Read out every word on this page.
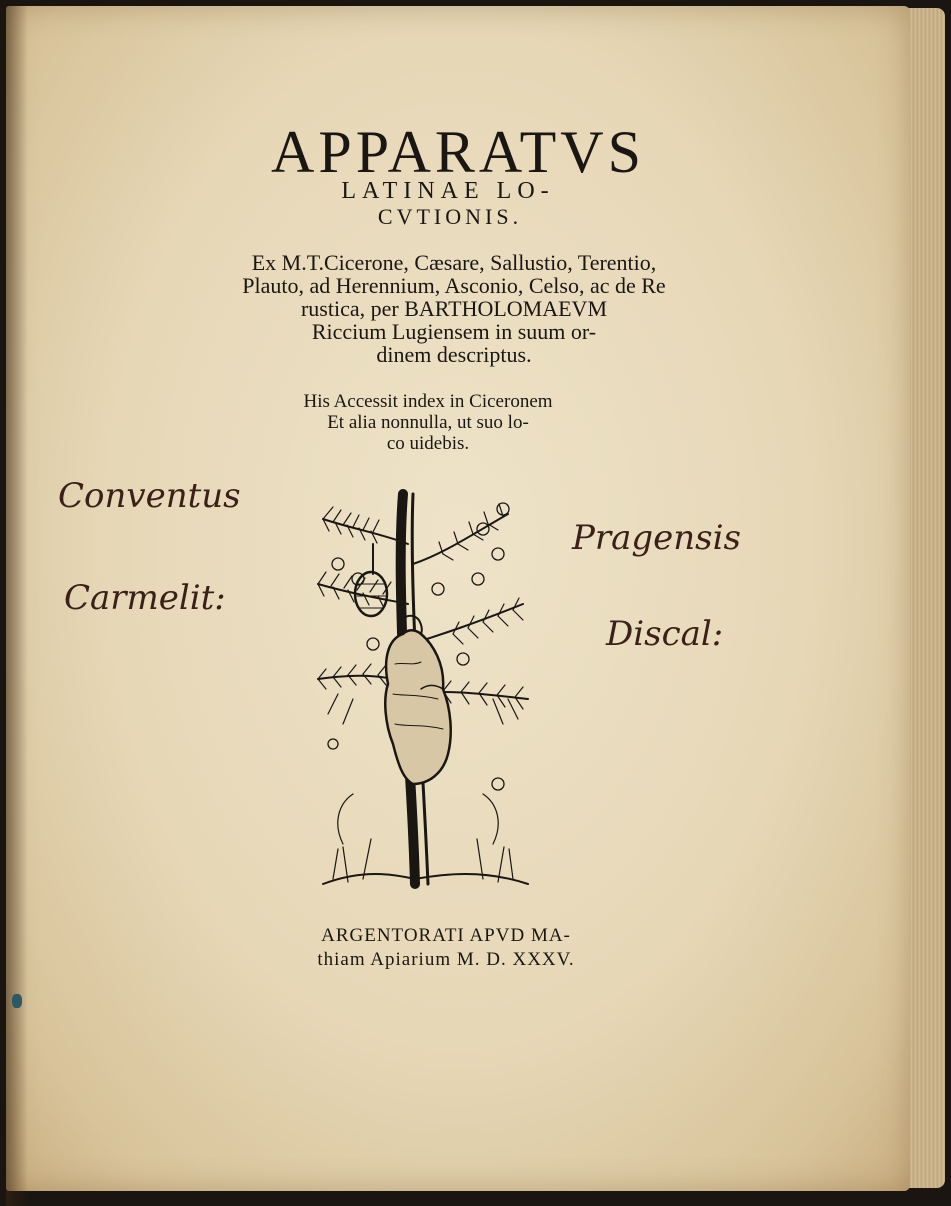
APPARATVS
LATINAE LO-
CVTIONIS.
Ex M.T.Cicerone, Cæsare, Sallustio, Terentio,
Plauto, ad Herennium, Asconio, Celso, ac de Re
rustica, per BARTHOLOMAEVM
Riccium Lugiensem in suum or-
dinem descriptus.
His Accessit index in Ciceronem
Et alia nonnulla, ut suo lo-
co uidebis.
Conventus
Carmelit:
Pragensis
Discal:
ARGENTORATI APVD MA-
thiam Apiarium M. D. XXXV.
